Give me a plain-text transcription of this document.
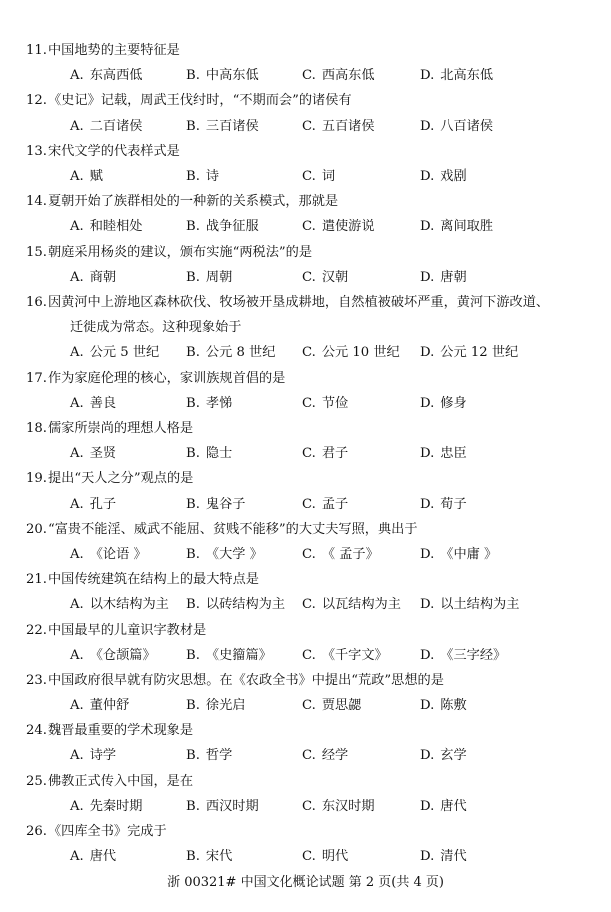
11.中国地势的主要特征是
A. 东高西低	B. 中高东低	C. 西高东低	D. 北高东低
12.《史记》记载，周武王伐纣时，“不期而会”的诸侯有
A. 二百诸侯	B. 三百诸侯	C. 五百诸侯	D. 八百诸侯
13.宋代文学的代表样式是
A. 赋	B. 诗	C. 词	D. 戏剧
14.夏朝开始了族群相处的一种新的关系模式，那就是
A. 和睦相处	B. 战争征服	C. 遣使游说	D. 离间取胜
15.朝庭采用杨炎的建议，颁布实施“两税法”的是
A. 商朝	B. 周朝	C. 汉朝	D. 唐朝
16.因黄河中上游地区森林砍伐、牧场被开垦成耕地，自然植被破坏严重，黄河下游改道、
迁徙成为常态。这种现象始于
A. 公元 5 世纪 B. 公元 8 世纪 C. 公元 10 世纪 D. 公元 12 世纪
17.作为家庭伦理的核心，家训族规首倡的是
A. 善良	B. 孝悌	C. 节俭	D. 修身
18.儒家所崇尚的理想人格是
A. 圣贤	B. 隐士	C. 君子	D. 忠臣
19.提出“天人之分”观点的是
A. 孔子	B. 鬼谷子	C. 孟子	D. 荀子
20.“富贵不能淫、威武不能屈、贫贱不能移”的大丈夫写照，典出于
A. 《论语 》	B. 《大学 》	C. 《 孟子》	D. 《中庸 》
21.中国传统建筑在结构上的最大特点是
A. 以木结构为主 B. 以砖结构为主 C. 以瓦结构为主 D. 以土结构为主
22.中国最早的儿童识字教材是
A. 《仓颉篇》 B. 《史籀篇》 C. 《千字文》 D. 《三字经》
23.中国政府很早就有防灾思想。在《农政全书》中提出“荒政”思想的是
A. 董仲舒	B. 徐光启	C. 贾思勰	D. 陈敷
24.魏晋最重要的学术现象是
A. 诗学	B. 哲学	C. 经学	D. 玄学
25.佛教正式传入中国，是在
A. 先秦时期	B. 西汉时期	C. 东汉时期	D. 唐代
26.《四库全书》完成于
A. 唐代	B. 宋代	C. 明代	D. 清代
浙 00321# 中国文化概论试题 第 2 页(共 4 页)
